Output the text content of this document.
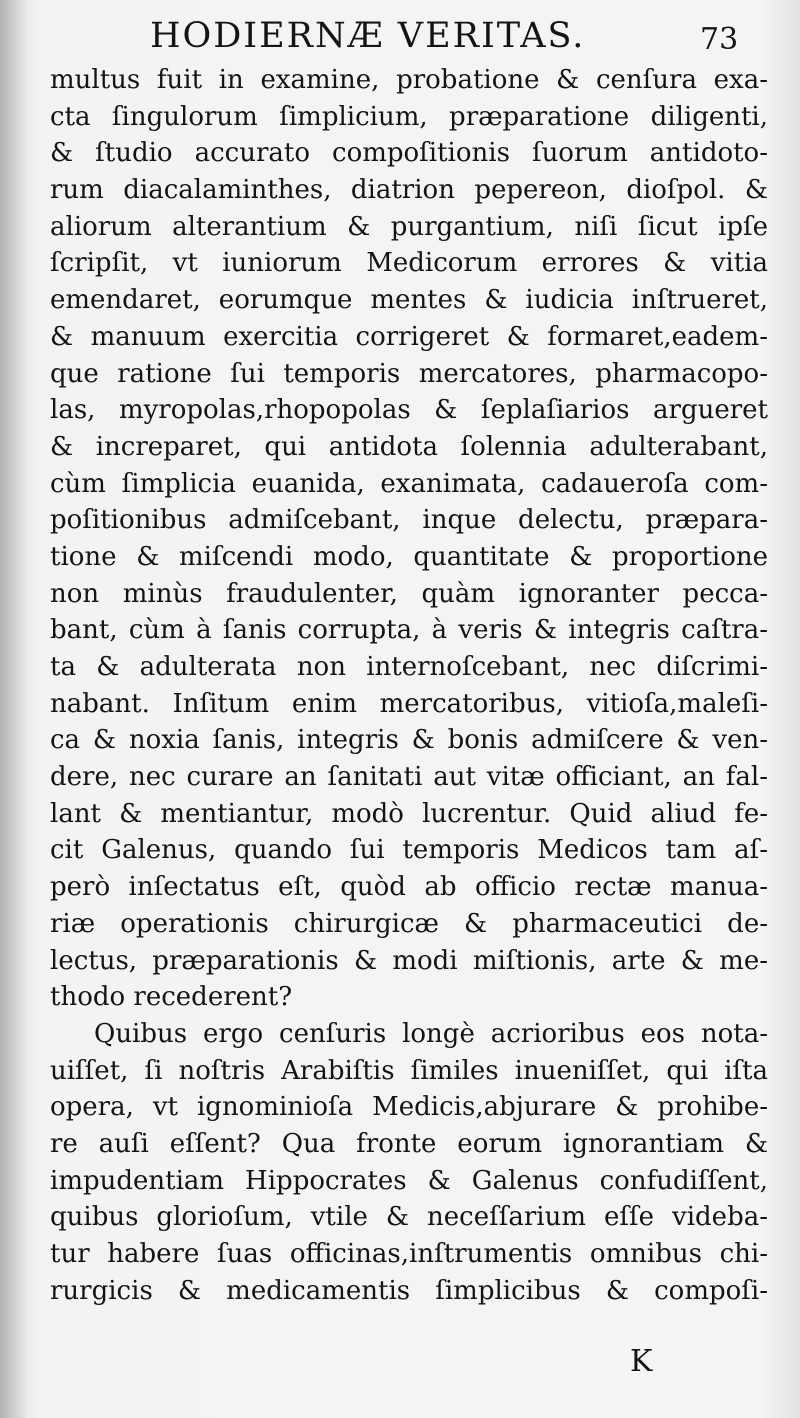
HODIERNÆ VERITAS.	73
multus fuit in examine, probatione & cenſura exa-
cta ſingulorum ſimplicium, præparatione diligenti,
& ſtudio accurato compoſitionis ſuorum antidoto-
rum diacalaminthes, diatrion pepereon, dioſpol. &
aliorum alterantium & purgantium, niſi ſicut ipſe
ſcripſit, vt iuniorum Medicorum errores & vitia
emendaret, eorumque mentes & iudicia inſtrueret,
& manuum exercitia corrigeret & formaret,eadem-
que ratione ſui temporis mercatores, pharmacopo-
las, myropolas,rhopopolas & ſeplaſiarios argueret
& increparet, qui antidota ſolennia adulterabant,
cùm ſimplicia euanida, exanimata, cadaueroſa com-
poſitionibus admiſcebant, inque delectu, præpara-
tione & miſcendi modo, quantitate & proportione
non minùs fraudulenter, quàm ignoranter pecca-
bant, cùm à ſanis corrupta, à veris & integris caſtra-
ta & adulterata non internoſcebant, nec diſcrimi-
nabant. Inſitum enim mercatoribus, vitioſa,maleſi-
ca & noxia ſanis, integris & bonis admiſcere & ven-
dere, nec curare an ſanitati aut vitæ officiant, an fal-
lant & mentiantur, modò lucrentur. Quid aliud fe-
cit Galenus, quando ſui temporis Medicos tam aſ-
però inſectatus eſt, quòd ab officio rectæ manua-
riæ operationis chirurgicæ & pharmaceutici de-
lectus, præparationis & modi miſtionis, arte & me-
thodo recederent?
Quibus ergo cenſuris longè acrioribus eos nota-
uiſſet, ſi noſtris Arabiſtis ſimiles inueniſſet, qui iſta
opera, vt ignominioſa Medicis,abjurare & prohibe-
re auſi eſſent? Qua fronte eorum ignorantiam &
impudentiam Hippocrates & Galenus confudiſſent,
quibus glorioſum, vtile & neceſſarium eſſe videba-
tur habere ſuas officinas,inſtrumentis omnibus chi-
rurgicis & medicamentis ſimplicibus & compoſi-
K
